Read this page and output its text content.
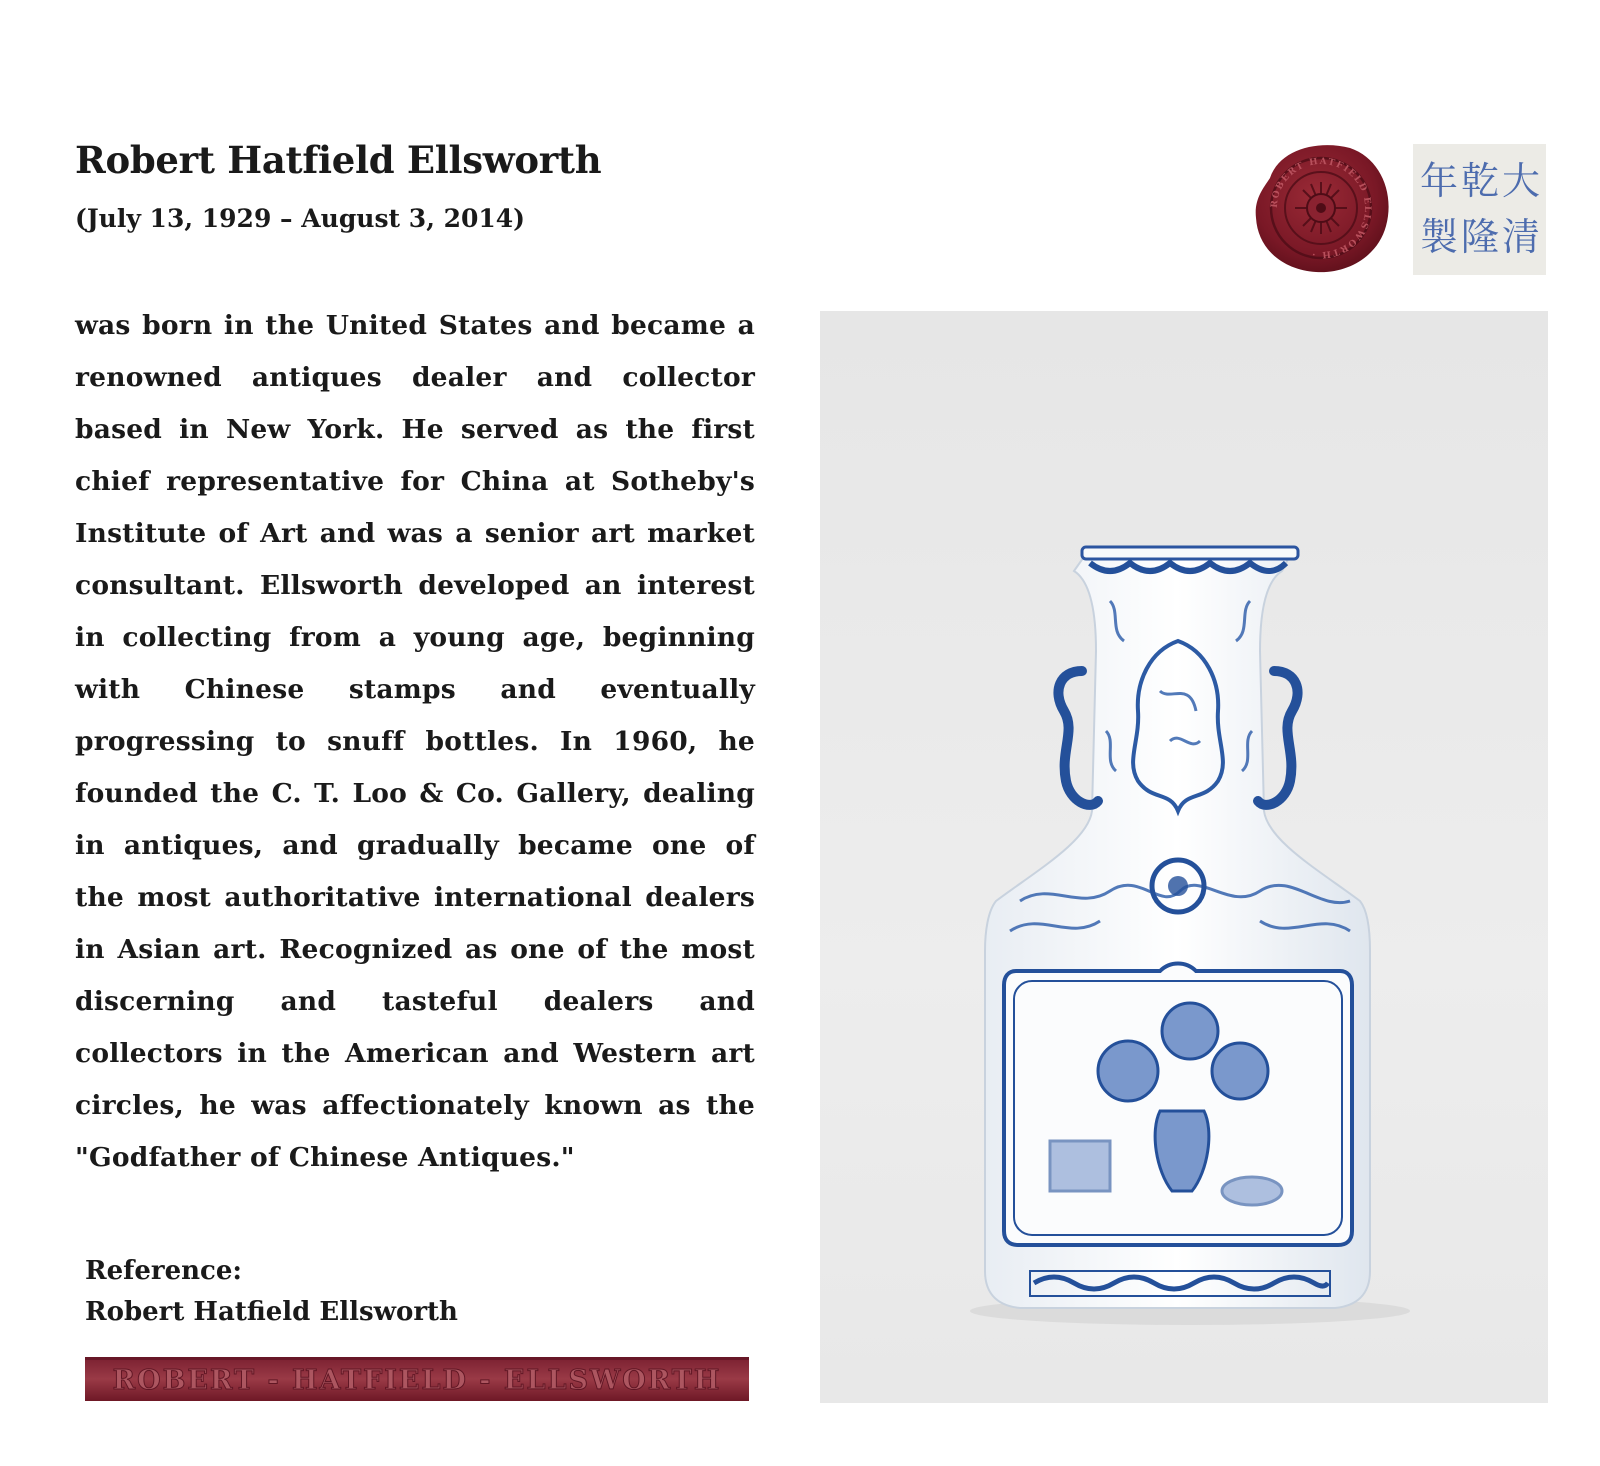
Robert Hatfield Ellsworth
(July 13, 1929 – August 3, 2014)

was born in the United States and became a renowned antiques dealer and collector based in New York. He served as the first chief representative for China at Sotheby's Institute of Art and was a senior art market consultant. Ellsworth developed an interest in collecting from a young age, beginning with Chinese stamps and eventually progressing to snuff bottles. In 1960, he founded the C. T. Loo & Co. Gallery, dealing in antiques, and gradually became one of the most authoritative international dealers in Asian art. Recognized as one of the most discerning and tasteful dealers and collectors in the American and Western art circles, he was affectionately known as the "Godfather of Chinese Antiques."

Reference:
Robert Hatfield Ellsworth
ROBERT - HATFIELD - ELLSWORTH
ROBERT HATFIELD ELLSWORTH ·
大
清
乾
隆
年
製
